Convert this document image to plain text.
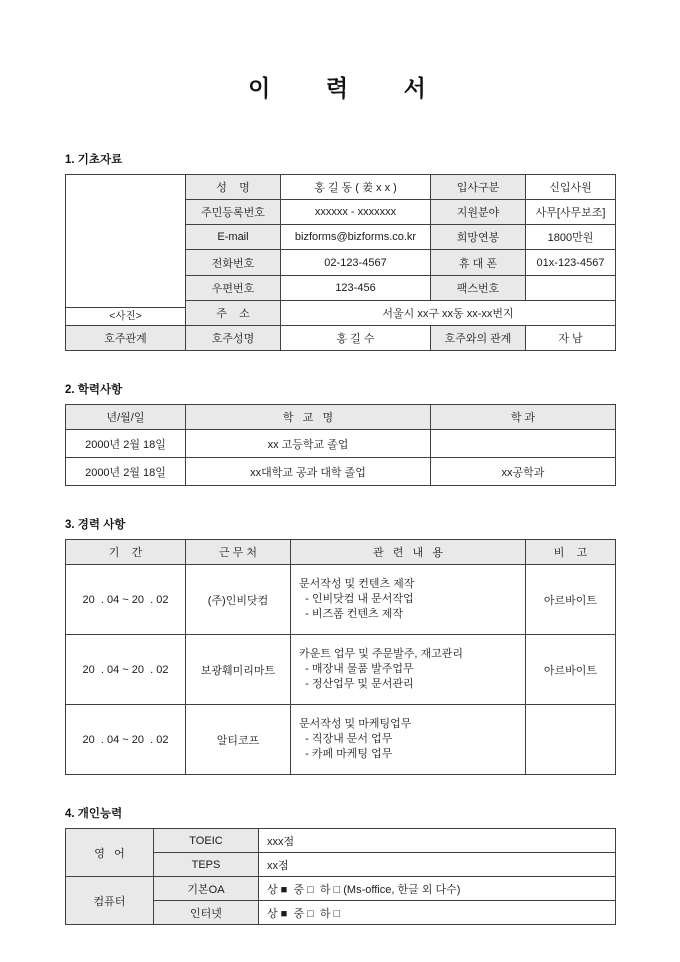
이    력    서
1. 기초자료
<사진>	성    명	홍 길 동 ( 姜 x x )	입사구분	신입사원
	주민등록번호	xxxxxx - xxxxxxx	지원분야	사무[사무보조]
	E-mail	bizforms@bizforms.co.kr	희망연봉	1800만원
	전화번호	02-123-4567	휴 대 폰	01x-123-4567
	우편번호	123-456	팩스번호	
	주    소	서울시 xx구 xx동 xx-xx번지		
호주관계	호주성명	홍 길 수	호주와의 관계	자 남
2. 학력사항
년/월/일	학   교   명	학 과
2000년 2월 18일	xx 고등학교 졸업	
2000년 2월 18일	xx대학교 공과 대학 졸업	xx공학과
3. 경력 사항
기    간	근 무 처	관   련   내   용	비    고
20  . 04 ~ 20  . 02	(주)인비닷컴	문서작성 및 컨텐츠 제작
- 인비닷컴 내 문서작업
- 비즈폼 컨텐츠 제작	아르바이트
20  . 04 ~ 20  . 02	보광훼미리마트	카운트 업무 및 주문발주, 재고관리
- 매장내 물품 발주업무
- 정산업무 및 문서관리	아르바이트
20  . 04 ~ 20  . 02	알티코프	문서작성 및 마케팅업무
- 직장내 문서 업무
- 카페 마케팅 업무	

4. 개인능력
영   어	TOEIC	xxx점
	TEPS	xx점
컴퓨터	기본OA	상 ■  중 □  하 □ (Ms-office, 한글 외 다수)
	인터넷	상 ■  중 □  하 □
